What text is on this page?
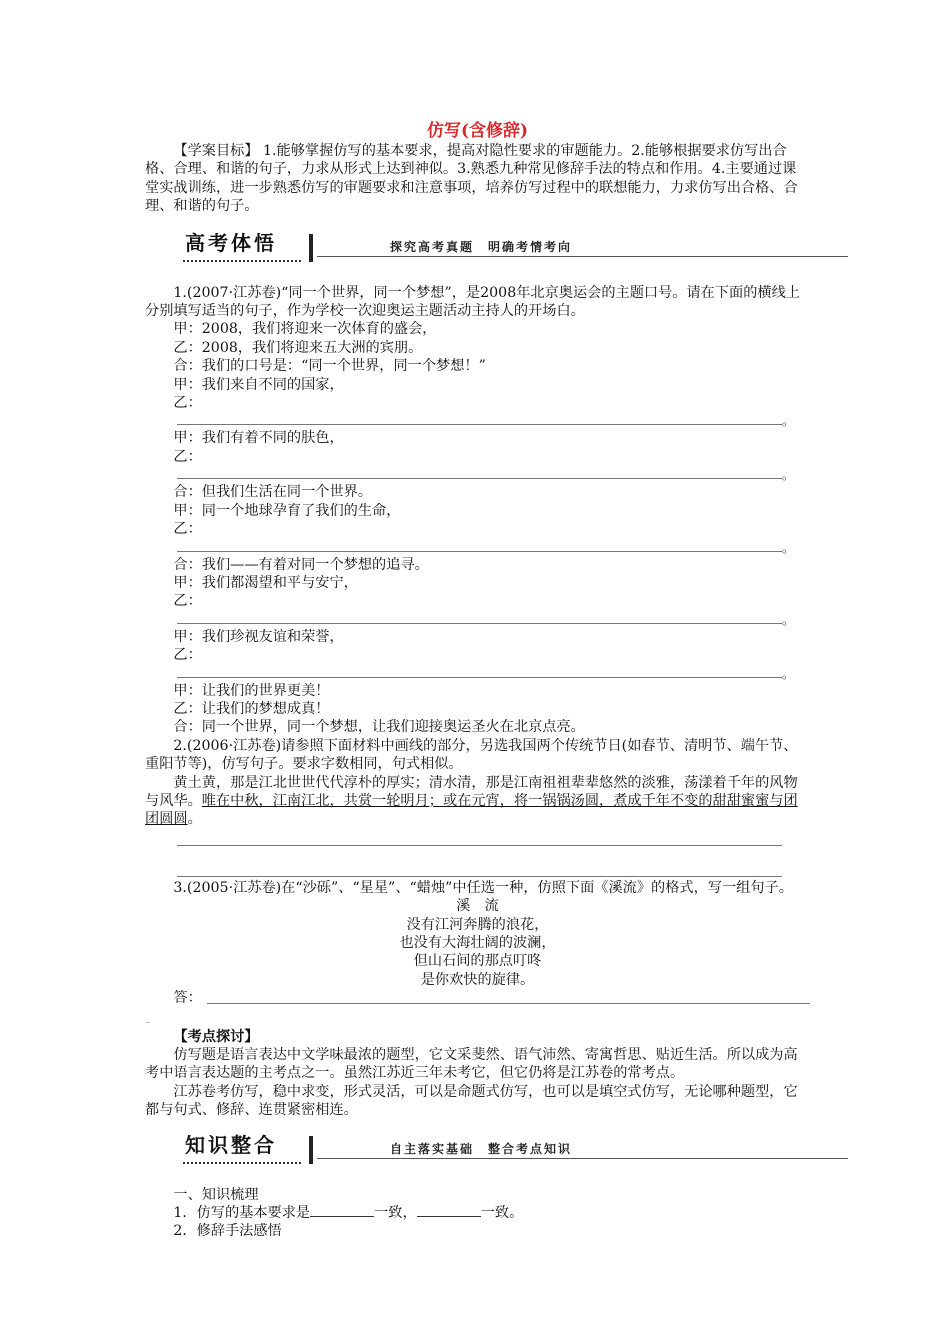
仿写(含修辞)

【学案目标】 1.能够掌握仿写的基本要求，提高对隐性要求的审题能力。2.能够根据要求仿写出合格、合理、和谐的句子，力求从形式上达到神似。3.熟悉九种常见修辞手法的特点和作用。4.主要通过课堂实战训练，进一步熟悉仿写的审题要求和注意事项，培养仿写过程中的联想能力，力求仿写出合格、合理、和谐的句子。

高考体悟	探究高考真题　明确考情考向

1.(2007·江苏卷)“同一个世界，同一个梦想”，是2008年北京奥运会的主题口号。请在下面的横线上分别填写适当的句子，作为学校一次迎奥运主题活动主持人的开场白。

甲：2008，我们将迎来一次体育的盛会，

乙：2008，我们将迎来五大洲的宾朋。

合：我们的口号是：“同一个世界，同一个梦想！”

甲：我们来自不同的国家，

乙：

。

甲：我们有着不同的肤色，

乙：

。

合：但我们生活在同一个世界。

甲：同一个地球孕育了我们的生命，

乙：

。

合：我们——有着对同一个梦想的追寻。

甲：我们都渴望和平与安宁，

乙：

。

甲：我们珍视友谊和荣誉，

乙：

。

甲：让我们的世界更美！

乙：让我们的梦想成真！

合：同一个世界，同一个梦想，让我们迎接奥运圣火在北京点亮。

2.(2006·江苏卷)请参照下面材料中画线的部分，另选我国两个传统节日(如春节、清明节、端午节、重阳节等)，仿写句子。要求字数相同，句式相似。

黄土黄，那是江北世世代代淳朴的厚实；清水清，那是江南祖祖辈辈悠然的淡雅，荡漾着千年的风物与风华。唯在中秋，江南江北，共赏一轮明月；或在元宵，将一锅锅汤圆，煮成千年不变的甜甜蜜蜜与团团圆圆。

3.(2005·江苏卷)在“沙砾”、“星星”、“蜡烛”中任选一种，仿照下面《溪流》的格式，写一组句子。

溪　流

没有江河奔腾的浪花，

也没有大海壮阔的波澜，

但山石间的那点叮咚

是你欢快的旋律。

答：

_

【考点探讨】

仿写题是语言表达中文学味最浓的题型，它文采斐然、语气沛然、寄寓哲思、贴近生活。所以成为高考中语言表达题的主考点之一。虽然江苏近三年未考它，但它仍将是江苏卷的常考点。

江苏卷考仿写，稳中求变，形式灵活，可以是命题式仿写，也可以是填空式仿写，无论哪种题型，它都与句式、修辞、连贯紧密相连。

知识整合	自主落实基础　整合考点知识

一、知识梳理

1．仿写的基本要求是	一致，	一致。

2．修辞手法感悟
